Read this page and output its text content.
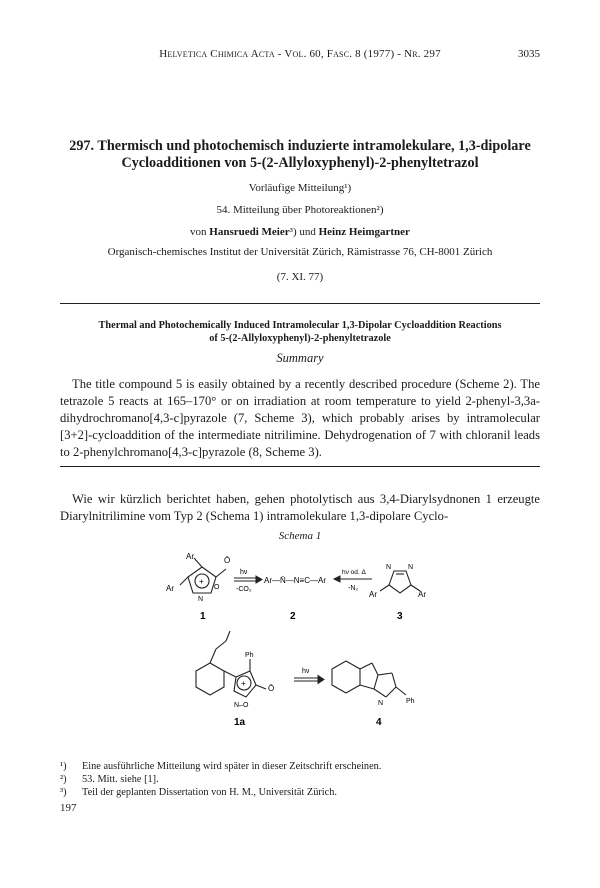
Helvetica Chimica Acta - Vol. 60, Fasc. 8 (1977) - Nr. 297	3035
297. Thermisch und photochemisch induzierte intramolekulare, 1,3-dipolare
Cycloadditionen von 5-(2-Allyloxyphenyl)-2-phenyltetrazol
Vorläufige Mitteilung¹)
54. Mitteilung über Photoreaktionen²)
von Hansruedi Meier³) und Heinz Heimgartner
Organisch-chemisches Institut der Universität Zürich, Rämistrasse 76, CH-8001 Zürich
(7. XI. 77)
Thermal and Photochemically Induced Intramolecular 1,3-Dipolar Cycloaddition Reactions
of 5-(2-Allyloxyphenyl)-2-phenyltetrazole
Summary
The title compound 5 is easily obtained by a recently described procedure (Scheme 2). The tetrazole 5 reacts at 165–170° or on irradiation at room temperature to yield 2-phenyl-3,3a-dihydrochromano[4,3-c]pyrazole (7, Scheme 3), which probably arises by intramolecular [3+2]-cycloaddition of the intermediate nitrilimine. Dehydrogenation of 7 with chloranil leads to 2-phenylchromano[4,3-c]pyrazole (8, Scheme 3).
Wie wir kürzlich berichtet haben, gehen photolytisch aus 3,4-Diarylsydnonen 1 erzeugte Diarylnitrilimine vom Typ 2 (Schema 1) intramolekulare 1,3-dipolare Cyclo-
Schema 1
Ar	Ō
Ar
+
O
N
1
hν
-CO₂
Ar—N̄—N≡C—Ar
2
hν od. Δ
-N₂
N N
Ar	Ar
3
Ph
+
Ō
N–O
1a
hν
N	Ph
4
¹) Eine ausführliche Mitteilung wird später in dieser Zeitschrift erscheinen.
²) 53. Mitt. siehe [1].
³) Teil der geplanten Dissertation von H. M., Universität Zürich.
197
